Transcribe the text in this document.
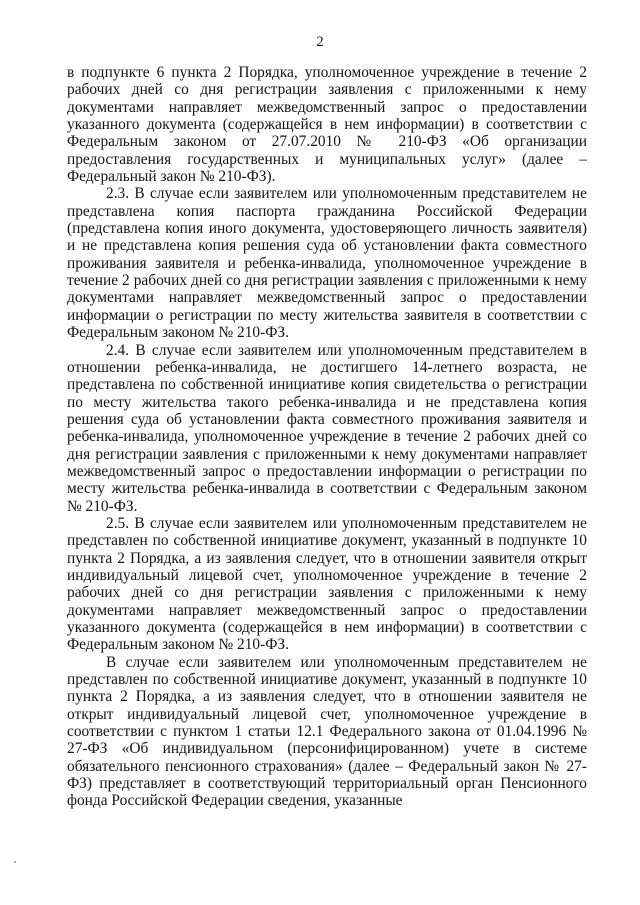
2

в подпункте 6 пункта 2 Порядка, уполномоченное учреждение в течение 2 рабочих дней со дня регистрации заявления с приложенными к нему документами направляет межведомственный запрос о предоставлении указанного документа (содержащейся в нем информации) в соответствии с Федеральным законом от 27.07.2010 № 210-ФЗ «Об организации предоставления государственных и муниципальных услуг» (далее – Федеральный закон № 210-ФЗ).

2.3. В случае если заявителем или уполномоченным представителем не представлена копия паспорта гражданина Российской Федерации (представлена копия иного документа, удостоверяющего личность заявителя) и не представлена копия решения суда об установлении факта совместного проживания заявителя и ребенка-инвалида, уполномоченное учреждение в течение 2 рабочих дней со дня регистрации заявления с приложенными к нему документами направляет межведомственный запрос о предоставлении информации о регистрации по месту жительства заявителя в соответствии с Федеральным законом № 210-ФЗ.

2.4. В случае если заявителем или уполномоченным представителем в отношении ребенка-инвалида, не достигшего 14-летнего возраста, не представлена по собственной инициативе копия свидетельства о регистрации по месту жительства такого ребенка-инвалида и не представлена копия решения суда об установлении факта совместного проживания заявителя и ребенка-инвалида, уполномоченное учреждение в течение 2 рабочих дней со дня регистрации заявления с приложенными к нему документами направляет межведомственный запрос о предоставлении информации о регистрации по месту жительства ребенка-инвалида в соответствии с Федеральным законом № 210-ФЗ.

2.5. В случае если заявителем или уполномоченным представителем не представлен по собственной инициативе документ, указанный в подпункте 10 пункта 2 Порядка, а из заявления следует, что в отношении заявителя открыт индивидуальный лицевой счет, уполномоченное учреждение в течение 2 рабочих дней со дня регистрации заявления с приложенными к нему документами направляет межведомственный запрос о предоставлении указанного документа (содержащейся в нем информации) в соответствии с Федеральным законом № 210-ФЗ.

В случае если заявителем или уполномоченным представителем не представлен по собственной инициативе документ, указанный в подпункте 10 пункта 2 Порядка, а из заявления следует, что в отношении заявителя не открыт индивидуальный лицевой счет, уполномоченное учреждение в соответствии с пунктом 1 статьи 12.1 Федерального закона от 01.04.1996 № 27-ФЗ «Об индивидуальном (персонифицированном) учете в системе обязательного пенсионного страхования» (далее – Федеральный закон № 27-ФЗ) представляет в соответствующий территориальный орган Пенсионного фонда Российской Федерации сведения, указанные
